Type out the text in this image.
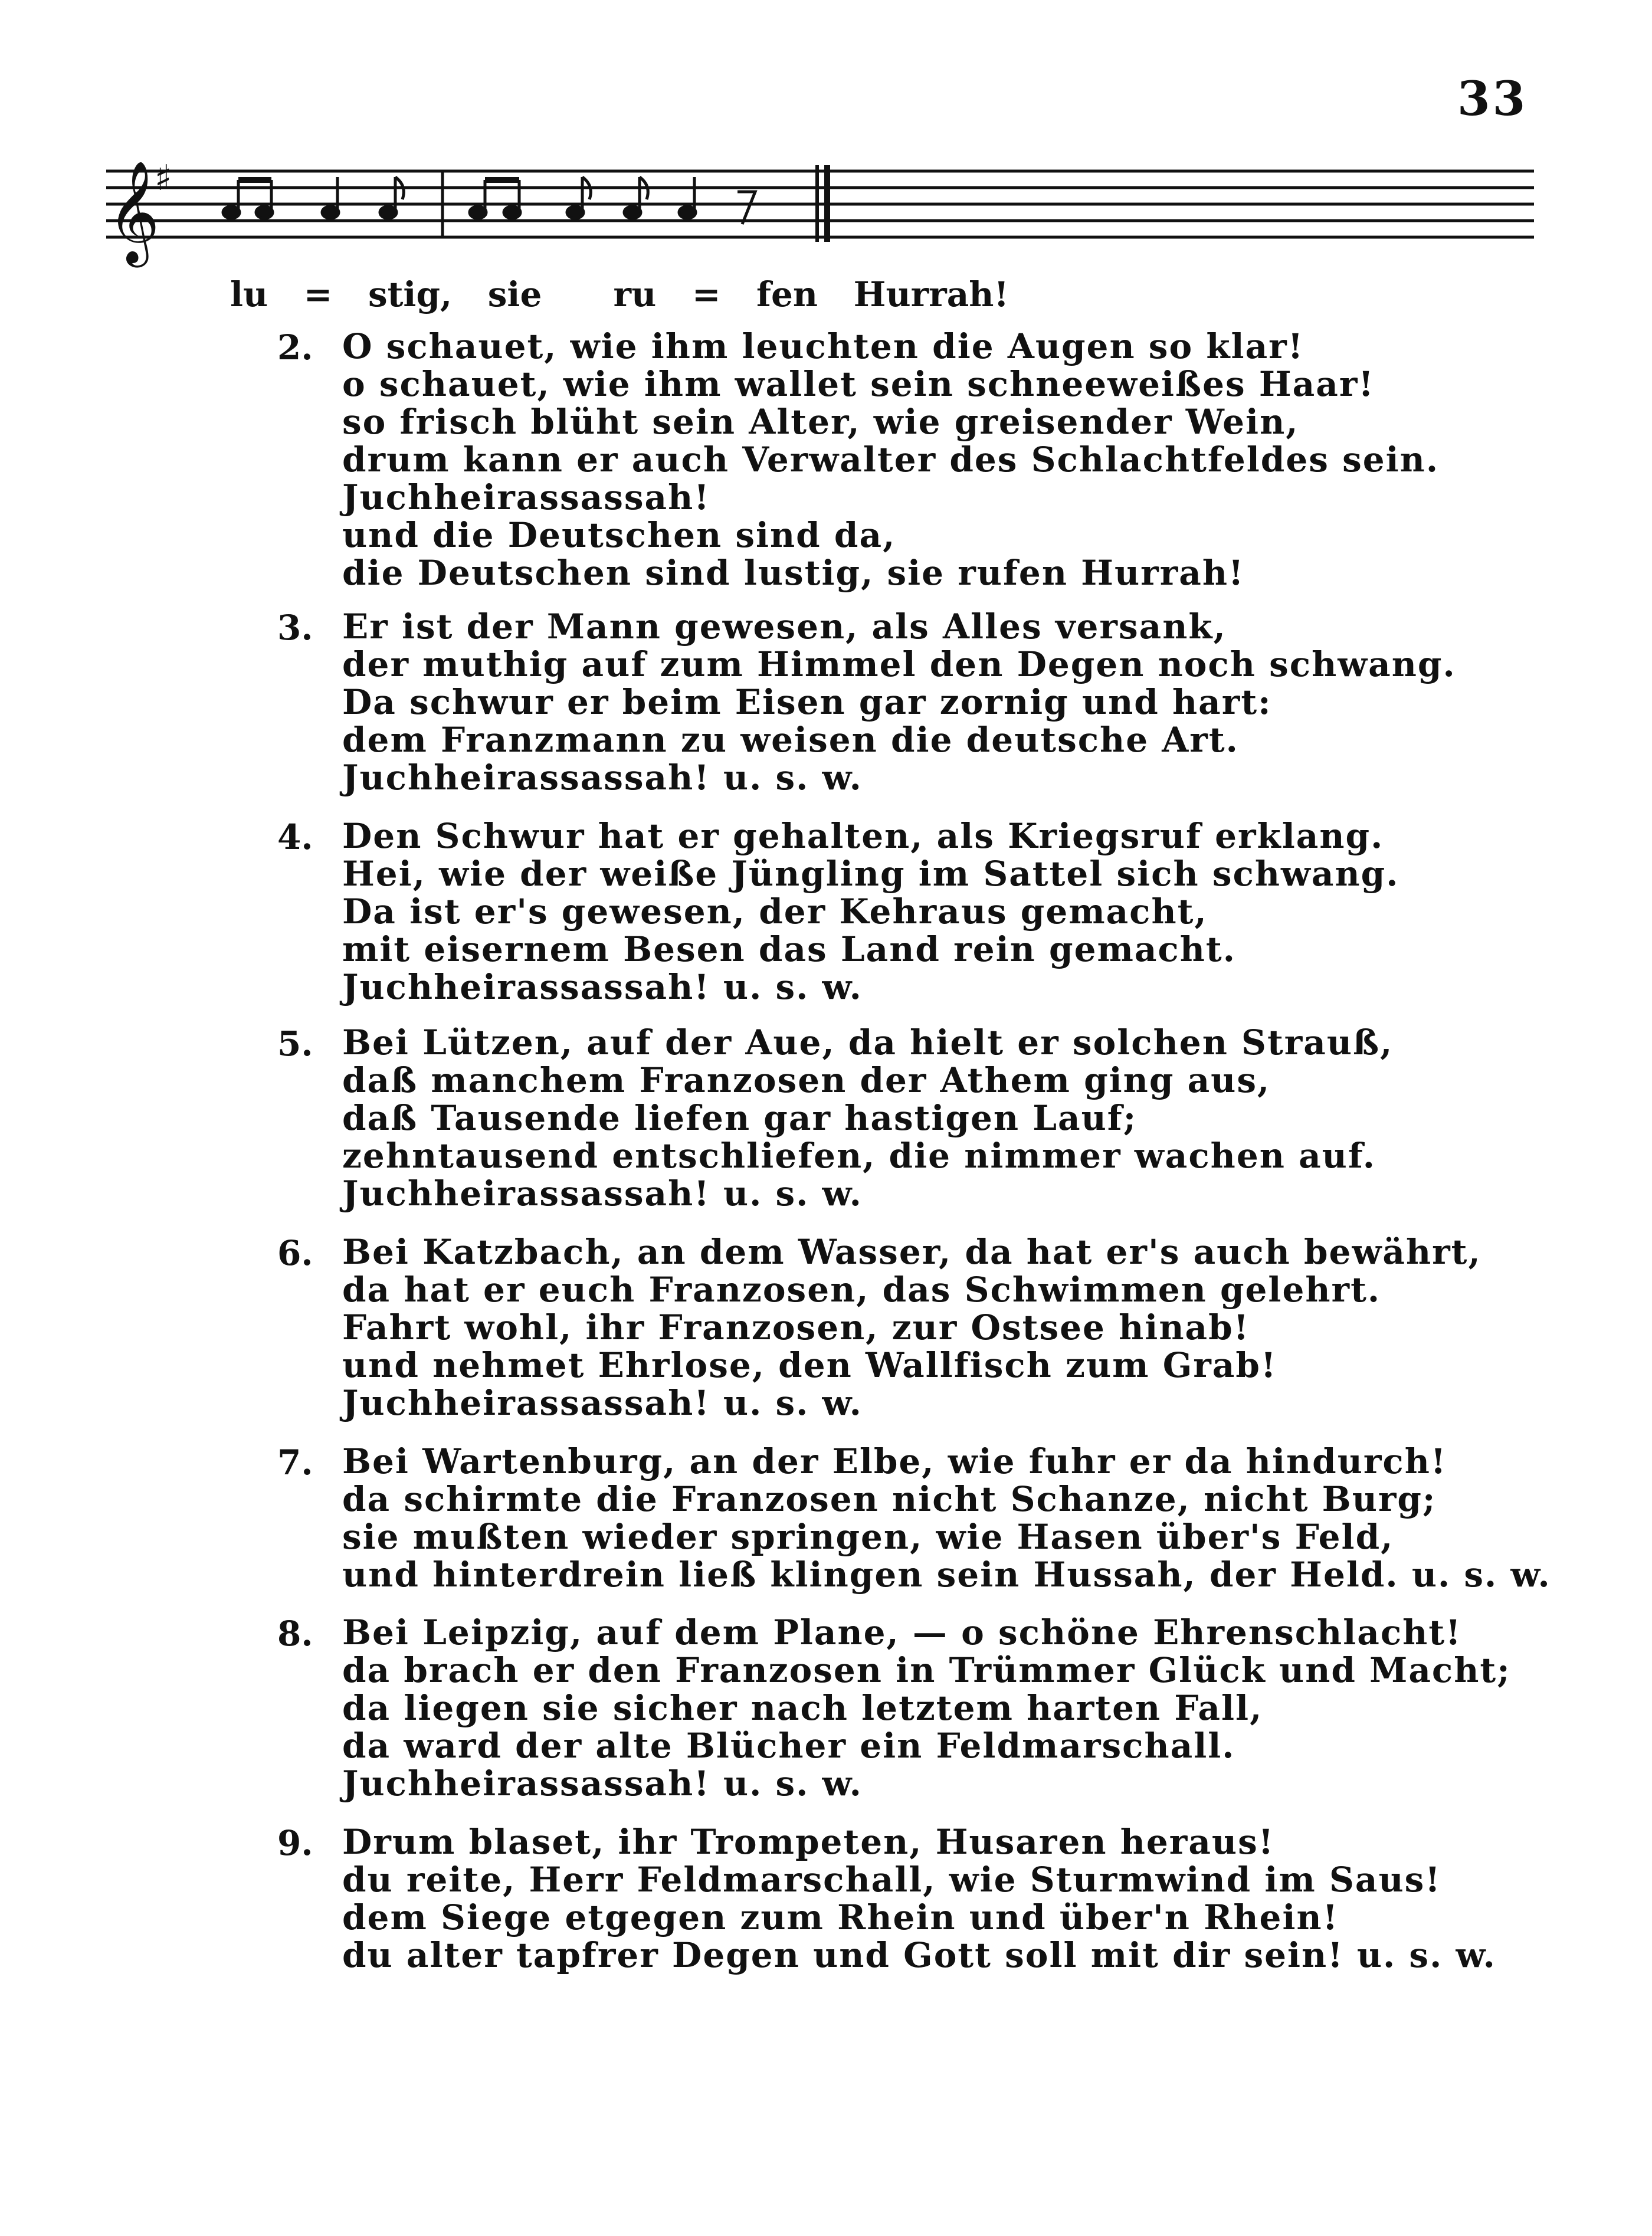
33
𝄞
♯
lu = stig, sie ru = fen Hurrah!
2. O schauet, wie ihm leuchten die Augen so klar!
o schauet, wie ihm wallet sein schneeweißes Haar!
so frisch blüht sein Alter, wie greisender Wein,
drum kann er auch Verwalter des Schlachtfeldes sein.
Juchheirassassah!
und die Deutschen sind da,
die Deutschen sind lustig, sie rufen Hurrah!
3. Er ist der Mann gewesen, als Alles versank,
der muthig auf zum Himmel den Degen noch schwang.
Da schwur er beim Eisen gar zornig und hart:
dem Franzmann zu weisen die deutsche Art.
Juchheirassassah! u. s. w.
4. Den Schwur hat er gehalten, als Kriegsruf erklang.
Hei, wie der weiße Jüngling im Sattel sich schwang.
Da ist er's gewesen, der Kehraus gemacht,
mit eisernem Besen das Land rein gemacht.
Juchheirassassah! u. s. w.
5. Bei Lützen, auf der Aue, da hielt er solchen Strauß,
daß manchem Franzosen der Athem ging aus,
daß Tausende liefen gar hastigen Lauf;
zehntausend entschliefen, die nimmer wachen auf.
Juchheirassassah! u. s. w.
6. Bei Katzbach, an dem Wasser, da hat er's auch bewährt,
da hat er euch Franzosen, das Schwimmen gelehrt.
Fahrt wohl, ihr Franzosen, zur Ostsee hinab!
und nehmet Ehrlose, den Wallfisch zum Grab!
Juchheirassassah! u. s. w.
7. Bei Wartenburg, an der Elbe, wie fuhr er da hindurch!
da schirmte die Franzosen nicht Schanze, nicht Burg;
sie mußten wieder springen, wie Hasen über's Feld,
und hinterdrein ließ klingen sein Hussah, der Held. u. s. w.
8. Bei Leipzig, auf dem Plane, — o schöne Ehrenschlacht!
da brach er den Franzosen in Trümmer Glück und Macht;
da liegen sie sicher nach letztem harten Fall,
da ward der alte Blücher ein Feldmarschall.
Juchheirassassah! u. s. w.
9. Drum blaset, ihr Trompeten, Husaren heraus!
du reite, Herr Feldmarschall, wie Sturmwind im Saus!
dem Siege etgegen zum Rhein und über'n Rhein!
du alter tapfrer Degen und Gott soll mit dir sein! u. s. w.
